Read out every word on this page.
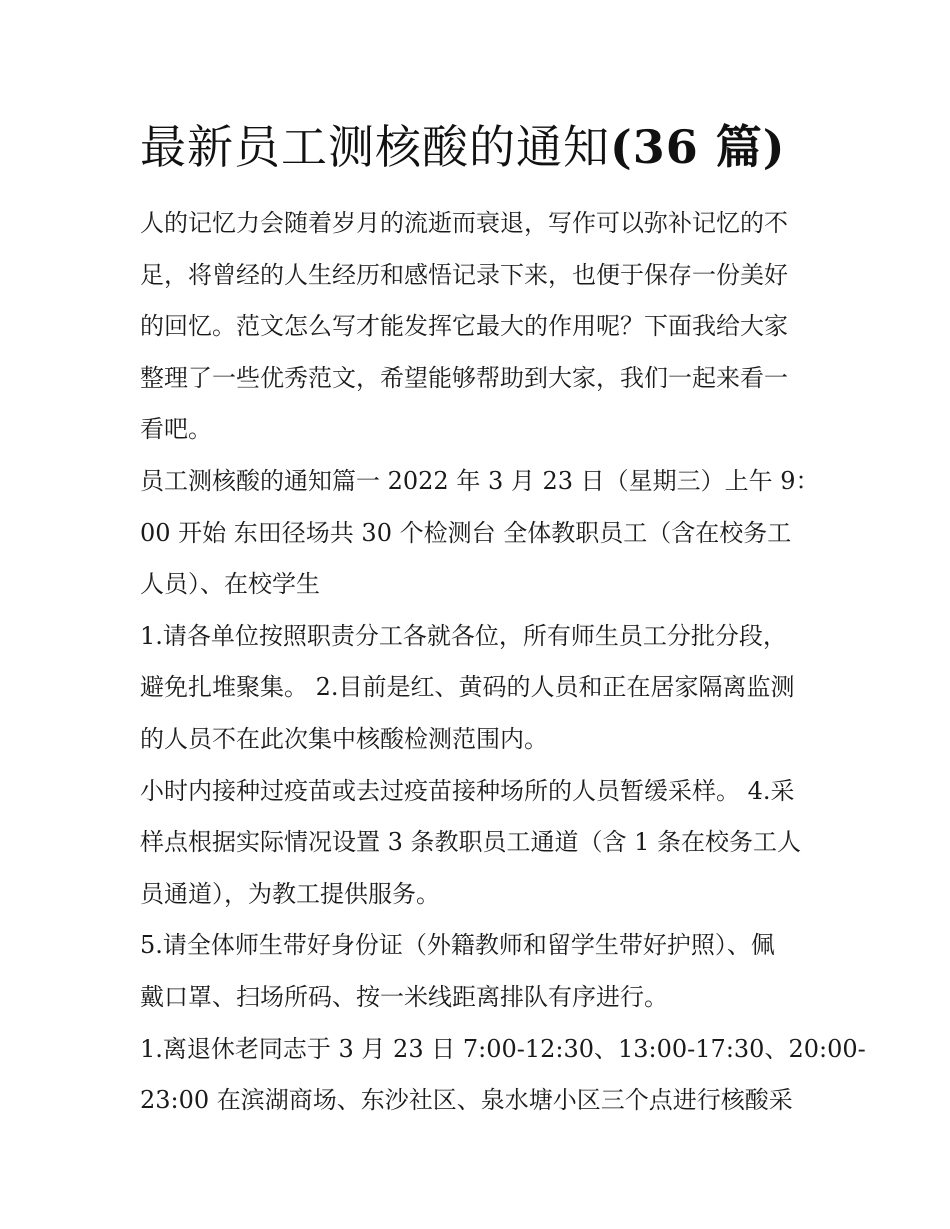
最新员工测核酸的通知(36 篇)
人的记忆力会随着岁月的流逝而衰退，写作可以弥补记忆的不
足，将曾经的人生经历和感悟记录下来，也便于保存一份美好
的回忆。范文怎么写才能发挥它最大的作用呢？下面我给大家
整理了一些优秀范文，希望能够帮助到大家，我们一起来看一
看吧。
员工测核酸的通知篇一 2022 年 3 月 23 日（星期三）上午 9：
00 开始 东田径场共 30 个检测台 全体教职员工（含在校务工
人员）、在校学生
1.请各单位按照职责分工各就各位，所有师生员工分批分段，
避免扎堆聚集。 2.目前是红、黄码的人员和正在居家隔离监测
的人员不在此次集中核酸检测范围内。
小时内接种过疫苗或去过疫苗接种场所的人员暂缓采样。 4.采
样点根据实际情况设置 3 条教职员工通道（含 1 条在校务工人
员通道），为教工提供服务。
5.请全体师生带好身份证（外籍教师和留学生带好护照）、佩
戴口罩、扫场所码、按一米线距离排队有序进行。
1.离退休老同志于 3 月 23 日 7:00-12:30、13:00-17:30、20:00-
23:00 在滨湖商场、东沙社区、泉水塘小区三个点进行核酸采
